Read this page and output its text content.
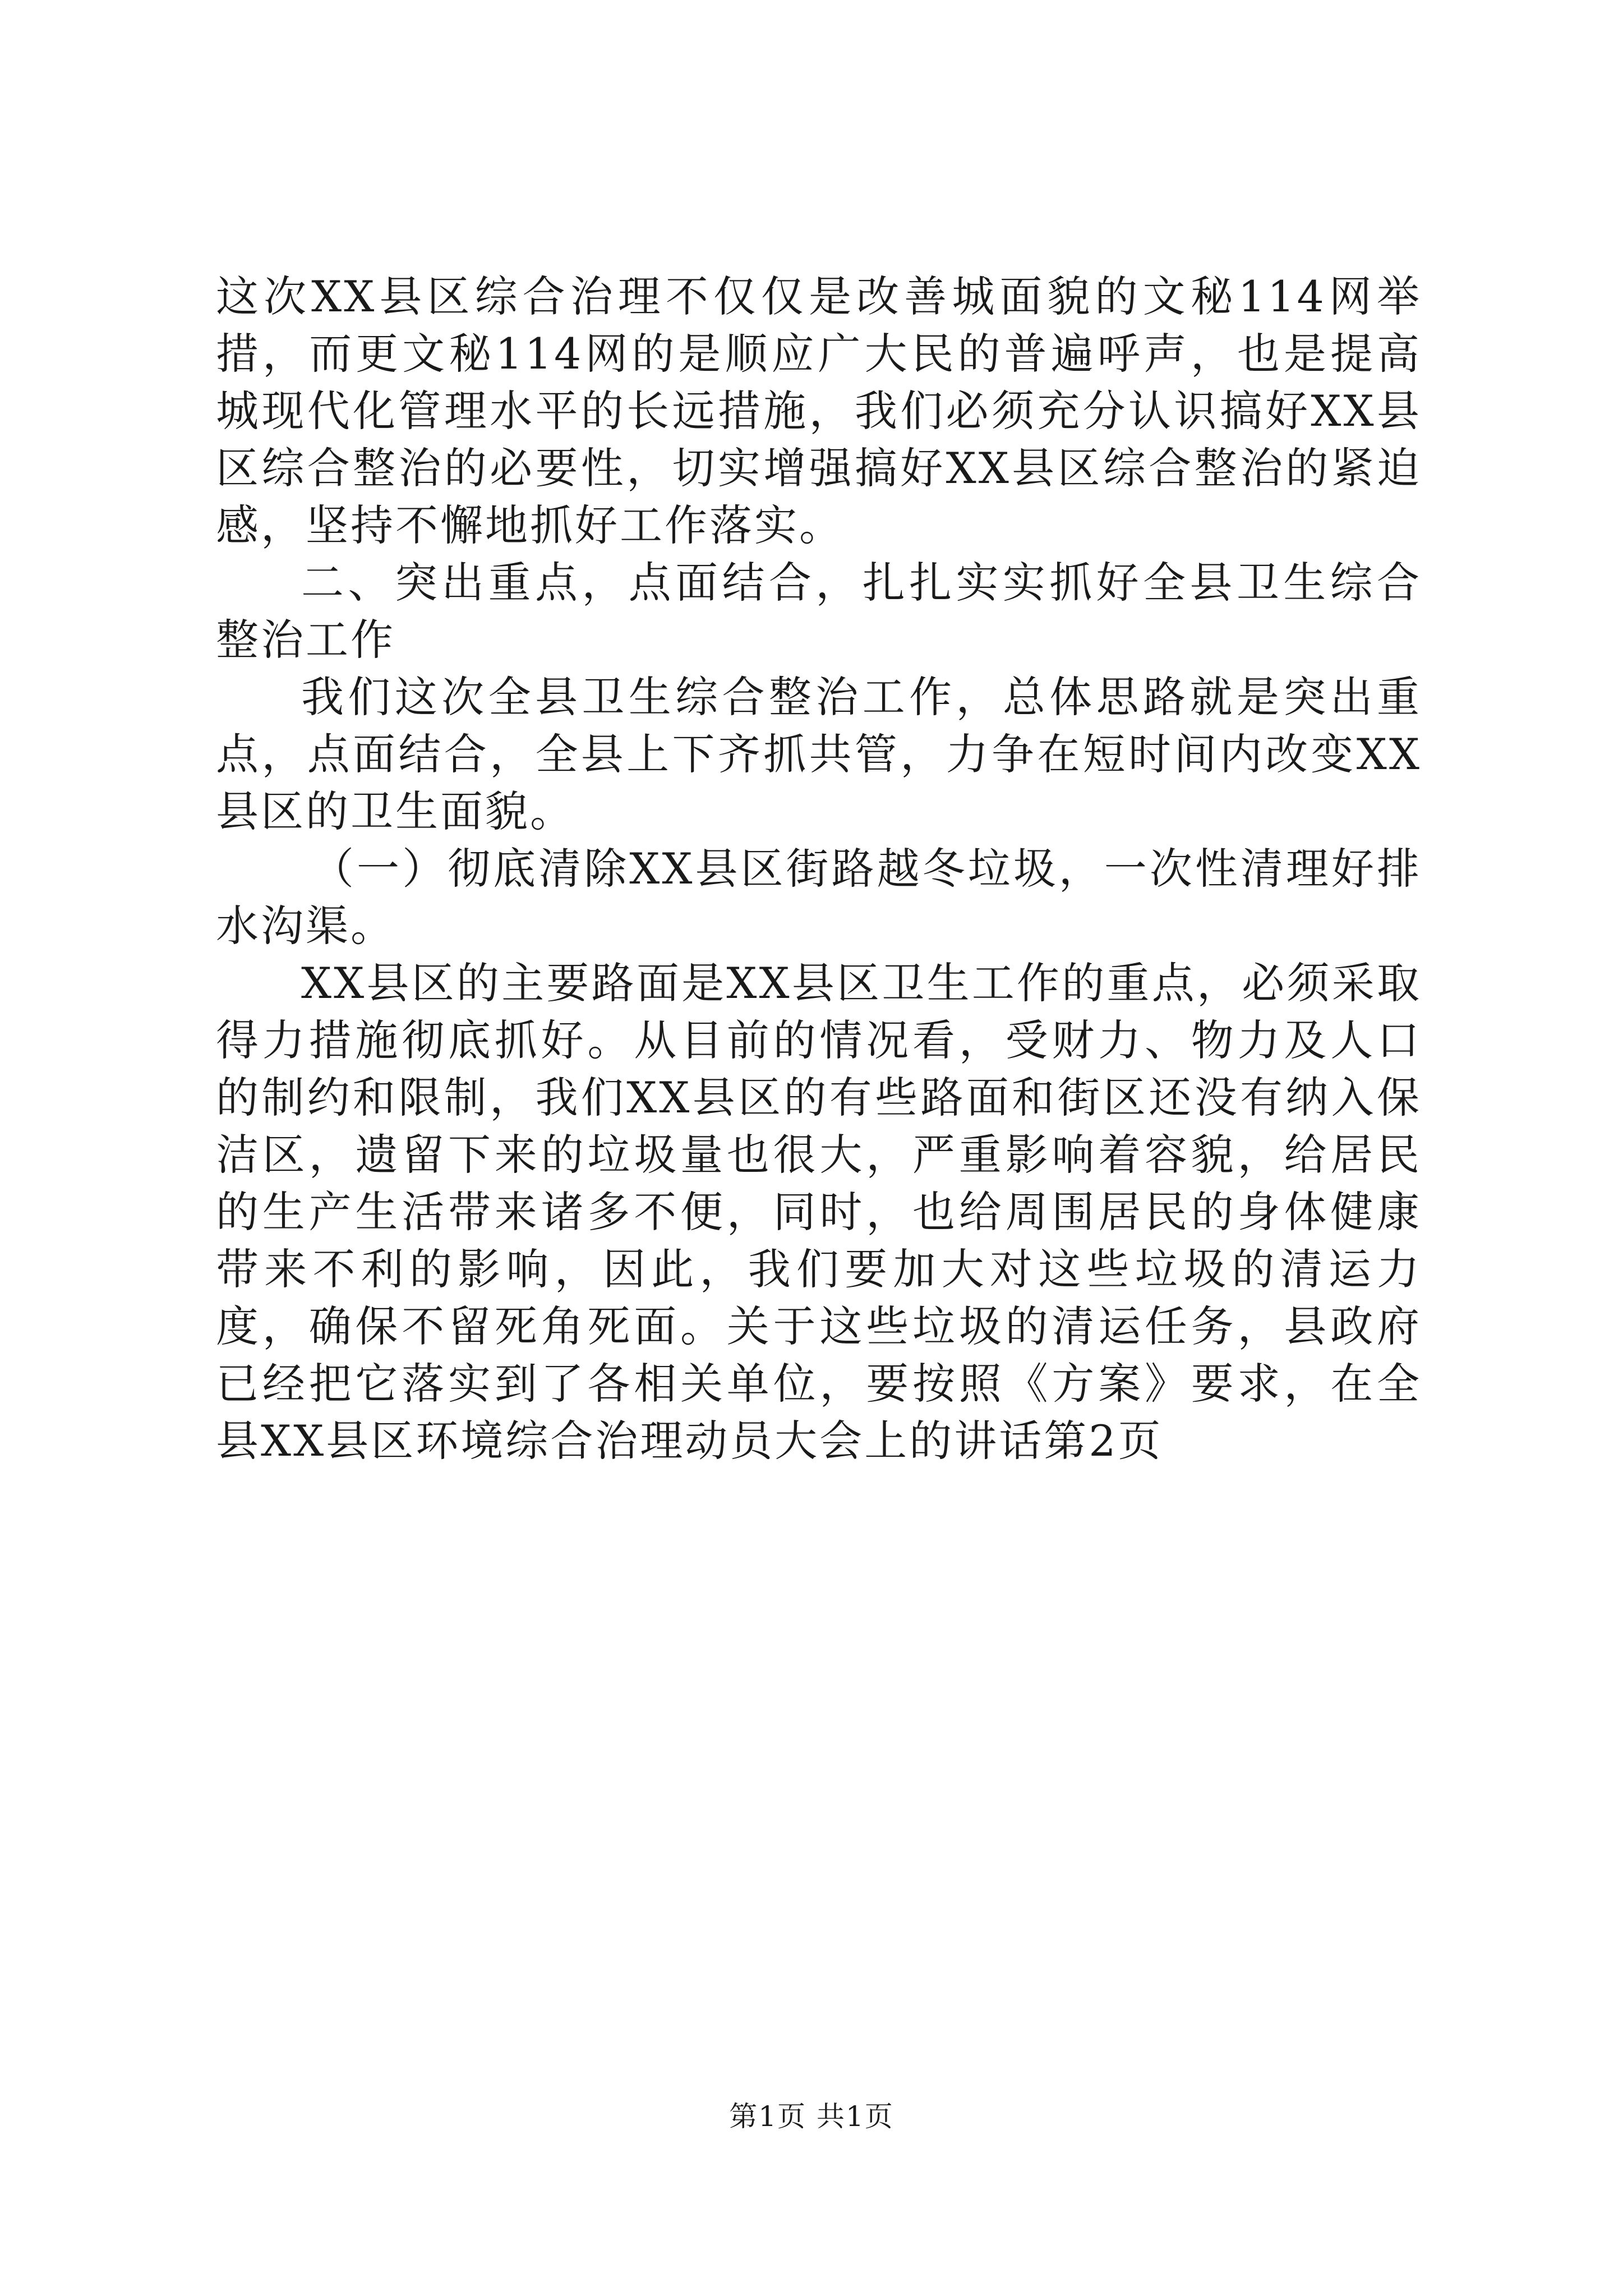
这次XX县区综合治理不仅仅是改善城面貌的文秘114网举措，而更文秘114网的是顺应广大民的普遍呼声，也是提高城现代化管理水平的长远措施，我们必须充分认识搞好XX县区综合整治的必要性，切实增强搞好XX县区综合整治的紧迫感，坚持不懈地抓好工作落实。

二、突出重点，点面结合，扎扎实实抓好全县卫生综合整治工作

我们这次全县卫生综合整治工作，总体思路就是突出重点，点面结合，全县上下齐抓共管，力争在短时间内改变XX县区的卫生面貌。

（一）彻底清除XX县区街路越冬垃圾，一次性清理好排水沟渠。

XX县区的主要路面是XX县区卫生工作的重点，必须采取得力措施彻底抓好。从目前的情况看，受财力、物力及人口的制约和限制，我们XX县区的有些路面和街区还没有纳入保洁区，遗留下来的垃圾量也很大，严重影响着容貌，给居民的生产生活带来诸多不便，同时，也给周围居民的身体健康带来不利的影响，因此，我们要加大对这些垃圾的清运力度，确保不留死角死面。关于这些垃圾的清运任务，县政府已经把它落实到了各相关单位，要按照《方案》要求，在全县XX县区环境综合治理动员大会上的讲话第2页

第1页 共1页
